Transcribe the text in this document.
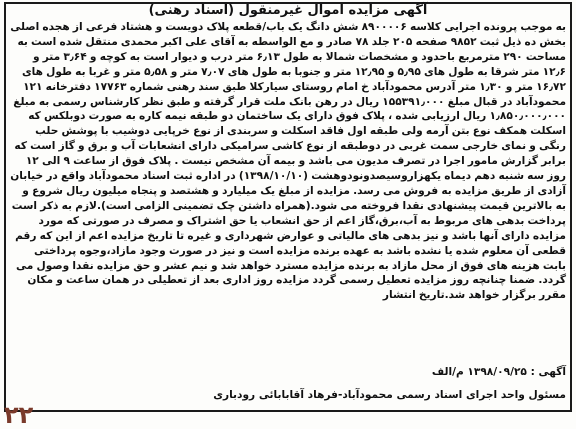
آگهی مزایده اموال غیرمنقول (اسناد رهنی)

به موجب پرونده اجرایی کلاسه ۸۹۰۰۰۰۶ شش دانگ یک باب/قطعه پلاک دویست و هشتاد فرعی از هجده اصلی بخش ده ذیل ثبت ۹۸۵۲ صفحه ۲۰۵ جلد ۷۸ صادر و مع الواسطه به آقای علی اکبر محمدی منتقل شده است به مساحت ۲۹۰ مترمربع باحدود و مشخصات شمالا به طول ۶٫۱۳ متر درب و دیوار است به کوچه و ۳٫۶۴ متر و ۱۲٫۶ متر شرقا به طول های ۵٫۹۵ و ۱۲٫۹۵ متر و جنوبا به طول های ۷٫۰۷ متر و ۵٫۵۸ متر و غربا به طول های ۱۶٫۷۲ متر و ۱٫۳۰ متر آدرس محمودآباد خ امام روستای سیارکلا طبق سند رهنی شماره ۱۷۷۶۳ دفترخانه ۱۲۱ محمودآباد در قبال مبلغ ۱۵۵۳۹۱٫۰۰۰ ریال در رهن بانک ملت قرار گرفته و طبق نظر کارشناس رسمی به مبلغ ۱٫۸۵۰٫۰۰۰٫۰۰۰ ریال ارزیابی شده ، پلاک فوق دارای یک ساختمان دو طبقه نیمه کاره به صورت دوبلکس که اسکلت همکف نوع بتن آرمه ولی طبقه اول فاقد اسکلت و سربندی از نوع خرپایی دوشیب با پوشش حلب رنگی و نمای خارجی سمت غربی در دوطبقه از نوع کاشی سرامیکی دارای انشعابات آب و برق و گاز است که برابر گزارش مامور اجرا در تصرف مدیون می باشد و بیمه آن مشخص نیست . پلاک فوق از ساعت ۹ الی ۱۲ روز سه شنبه دهم دیماه یکهزاروسیصدونودوهشت (۱۳۹۸/۱۰/۱۰) در اداره ثبت اسناد محمودآباد واقع در خیابان آزادی از طریق مزایده به فروش می رسد. مزایده از مبلغ یک میلیارد و هشتصد و پنجاه میلیون ریال شروع و به بالاترین قیمت پیشنهادی نقدا فروخته می شود.(همراه داشتن چک تضمینی الزامی است).لازم به ذکر است پرداخت بدهی های مربوط به آب،برق،گاز اعم از حق انشعاب یا حق اشتراک و مصرف در صورتی که مورد مزایده دارای آنها باشد و نیز بدهی های مالیاتی و عوارض شهرداری و غیره تا تاریخ مزایده اعم از این که رقم قطعی آن معلوم شده یا نشده باشد به عهده برنده مزایده است و نیز در صورت وجود مازاد،وجوه پرداختی بابت هزینه های فوق از محل مازاد به برنده مزایده مسترد خواهد شد و نیم عشر و حق مزایده نقدا وصول می گردد. ضمنا چنانچه روز مزایده تعطیل رسمی گردد مزایده روز اداری بعد از تعطیلی در همان ساعت و مکان مقرر برگزار خواهد شد.تاریخ انتشار

آگهی : ۱۳۹۸/۰۹/۲۵ م/الف
مسئول واحد اجرای اسناد رسمی محمودآباد-فرهاد آقابابائی رودباری
۲۲
